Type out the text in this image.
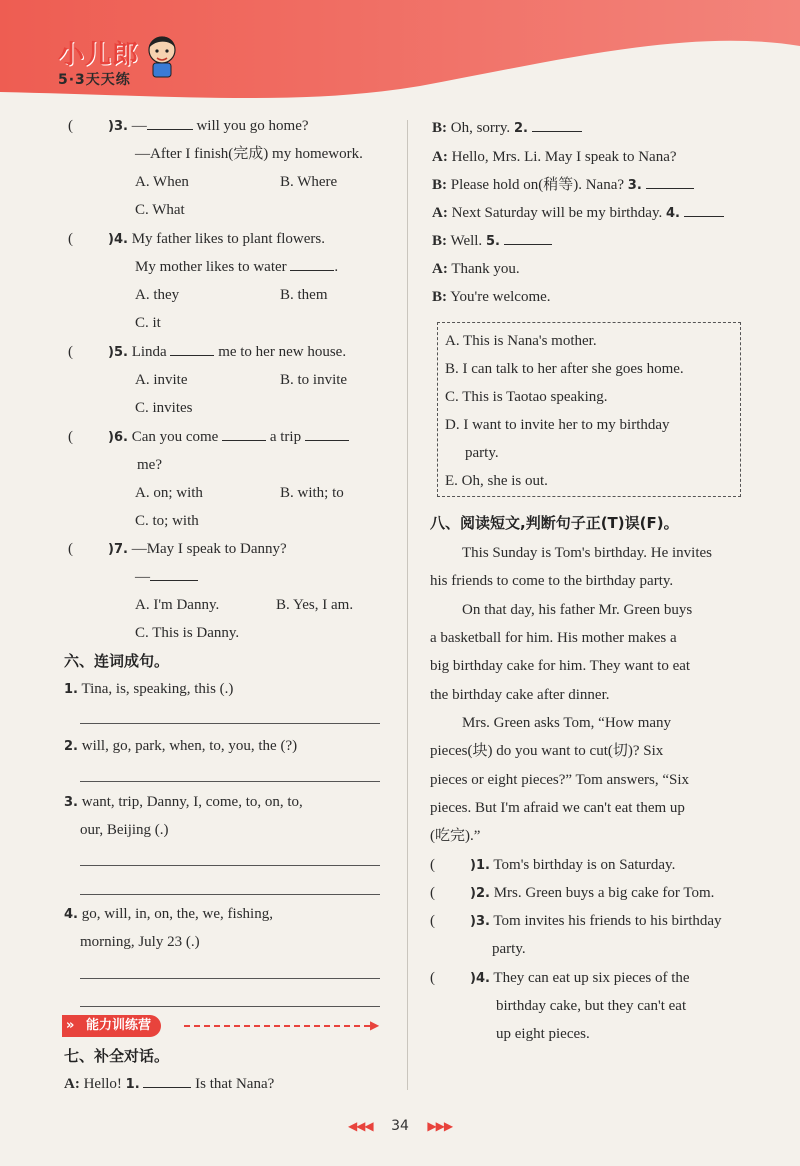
小儿郎
5·3天天练
(	)3. —	will you go home?
—After I finish(完成) my homework.
A. When	B. Where
C. What
(	)4. My father likes to plant flowers.
My mother likes to water	.
A. they	B. them
C. it
(	)5. Linda	me to her new house.
A. invite	B. to invite
C. invites
(	)6. Can you come	a trip
me?
A. on; with	B. with; to
C. to; with
(	)7. —May I speak to Danny?
—
A. I'm Danny.	B. Yes, I am.
C. This is Danny.
六、连词成句。
1. Tina, is, speaking, this (.)
2. will, go, park, when, to, you, the (?)
3. want, trip, Danny, I, come, to, on, to,
our, Beijing (.)
4. go, will, in, on, the, we, fishing,
morning, July 23 (.)
能力训练营
»	▶
七、补全对话。
A: Hello! 1.	Is that Nana?
B: Oh, sorry. 2.
A: Hello, Mrs. Li. May I speak to Nana?
B: Please hold on(稍等). Nana? 3.
A: Next Saturday will be my birthday. 4.
B: Well. 5.
A: Thank you.
B: You're welcome.
A. This is Nana's mother.
B. I can talk to her after she goes home.
C. This is Taotao speaking.
D. I want to invite her to my birthday
party.
E. Oh, she is out.
八、阅读短文,判断句子正(T)误(F)。
This Sunday is Tom's birthday. He invites
his friends to come to the birthday party.
On that day, his father Mr. Green buys
a basketball for him. His mother makes a
big birthday cake for him. They want to eat
the birthday cake after dinner.
Mrs. Green asks Tom, “How many
pieces(块) do you want to cut(切)? Six
pieces or eight pieces?” Tom answers, “Six
pieces. But I'm afraid we can't eat them up
(吃完).”
(	)1. Tom's birthday is on Saturday.
(	)2. Mrs. Green buys a big cake for Tom.
(	)3. Tom invites his friends to his birthday
party.
(	)4. They can eat up six pieces of the
birthday cake, but they can't eat
up eight pieces.
◀◀◀ 34 ▶▶▶
